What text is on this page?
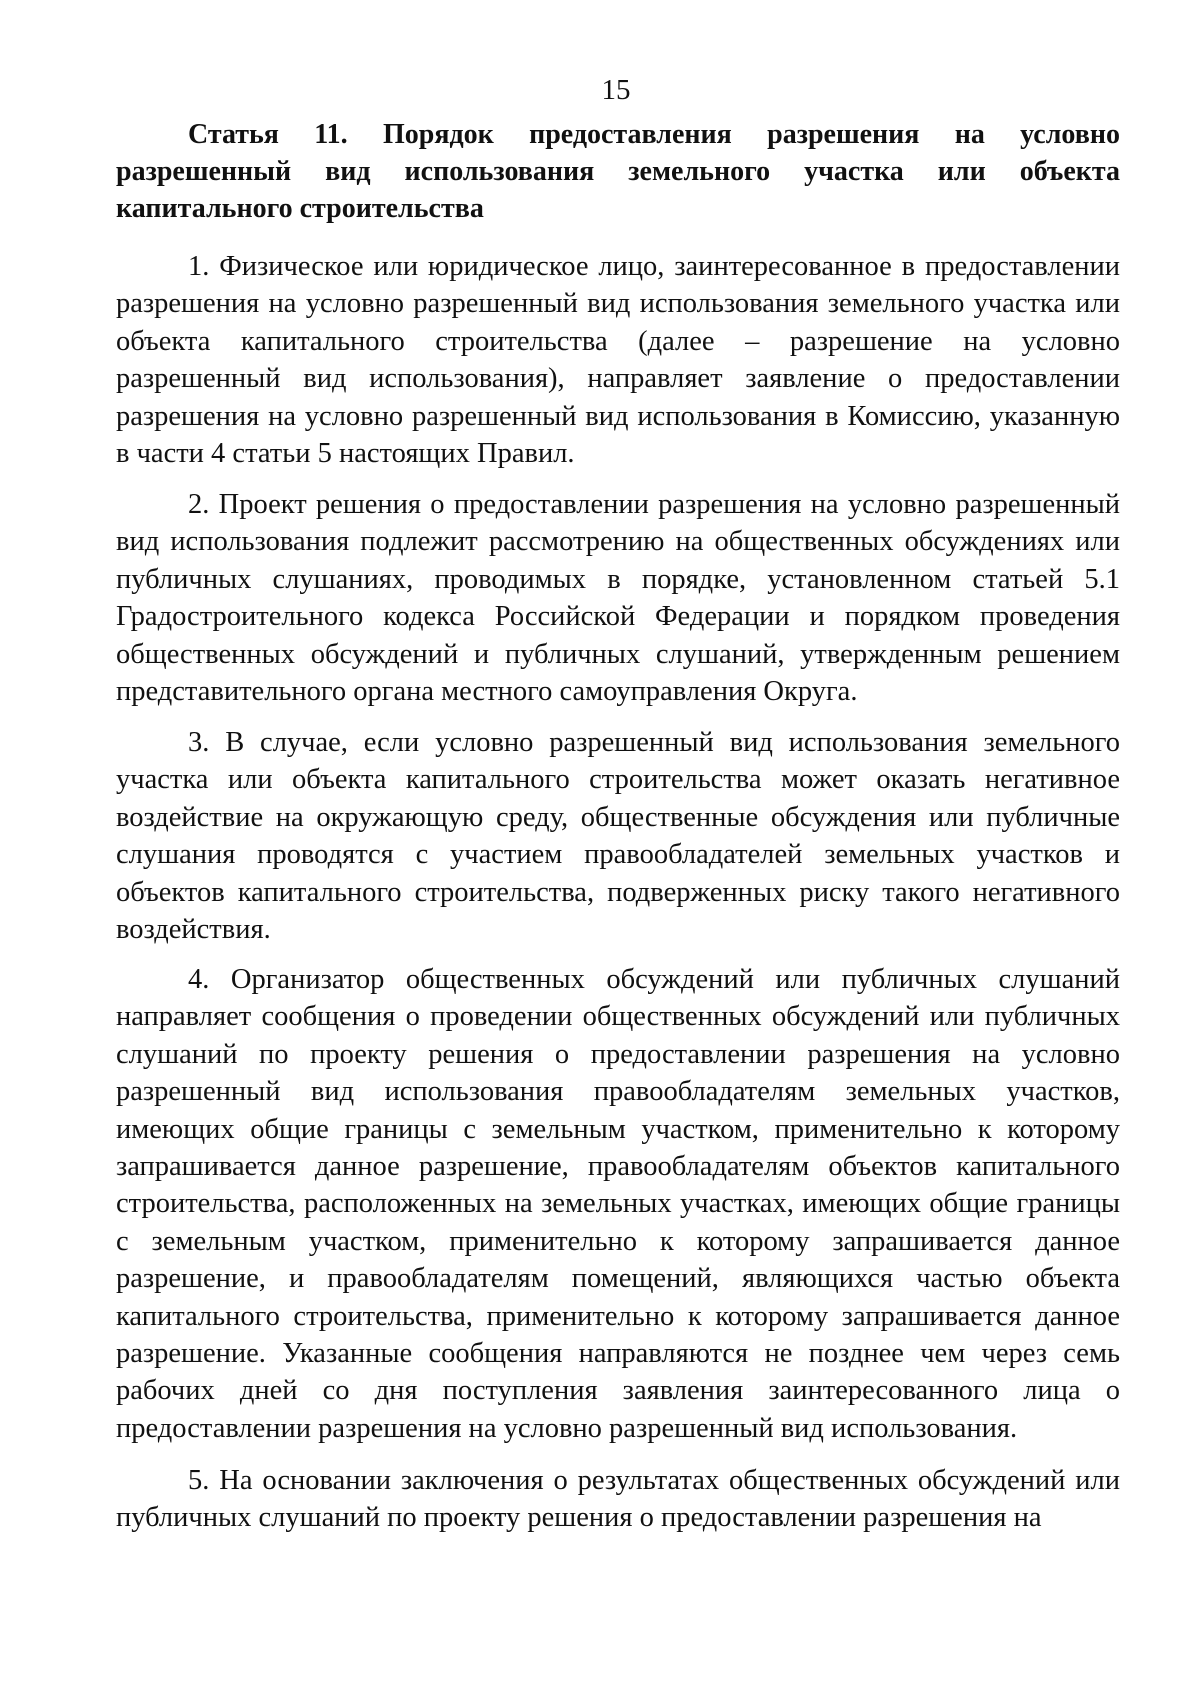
15
Статья 11. Порядок предоставления разрешения на условно разрешенный вид использования земельного участка или объекта капитального строительства

1. Физическое или юридическое лицо, заинтересованное в предоставлении разрешения на условно разрешенный вид использования земельного участка или объекта капитального строительства (далее – разрешение на условно разрешенный вид использования), направляет заявление о предоставлении разрешения на условно разрешенный вид использования в Комиссию, указанную в части 4 статьи 5 настоящих Правил.

2. Проект решения о предоставлении разрешения на условно разрешенный вид использования подлежит рассмотрению на общественных обсуждениях или публичных слушаниях, проводимых в порядке, установленном статьей 5.1 Градостроительного кодекса Российской Федерации и порядком проведения общественных обсуждений и публичных слушаний, утвержденным решением представительного органа местного самоуправления Округа.

3. В случае, если условно разрешенный вид использования земельного участка или объекта капитального строительства может оказать негативное воздействие на окружающую среду, общественные обсуждения или публичные слушания проводятся с участием правообладателей земельных участков и объектов капитального строительства, подверженных риску такого негативного воздействия.

4. Организатор общественных обсуждений или публичных слушаний направляет сообщения о проведении общественных обсуждений или публичных слушаний по проекту решения о предоставлении разрешения на условно разрешенный вид использования правообладателям земельных участков, имеющих общие границы с земельным участком, применительно к которому запрашивается данное разрешение, правообладателям объектов капитального строительства, расположенных на земельных участках, имеющих общие границы с земельным участком, применительно к которому запрашивается данное разрешение, и правообладателям помещений, являющихся частью объекта капитального строительства, применительно к которому запрашивается данное разрешение. Указанные сообщения направляются не позднее чем через семь рабочих дней со дня поступления заявления заинтересованного лица о предоставлении разрешения на условно разрешенный вид использования.

5. На основании заключения о результатах общественных обсуждений или публичных слушаний по проекту решения о предоставлении разрешения на
